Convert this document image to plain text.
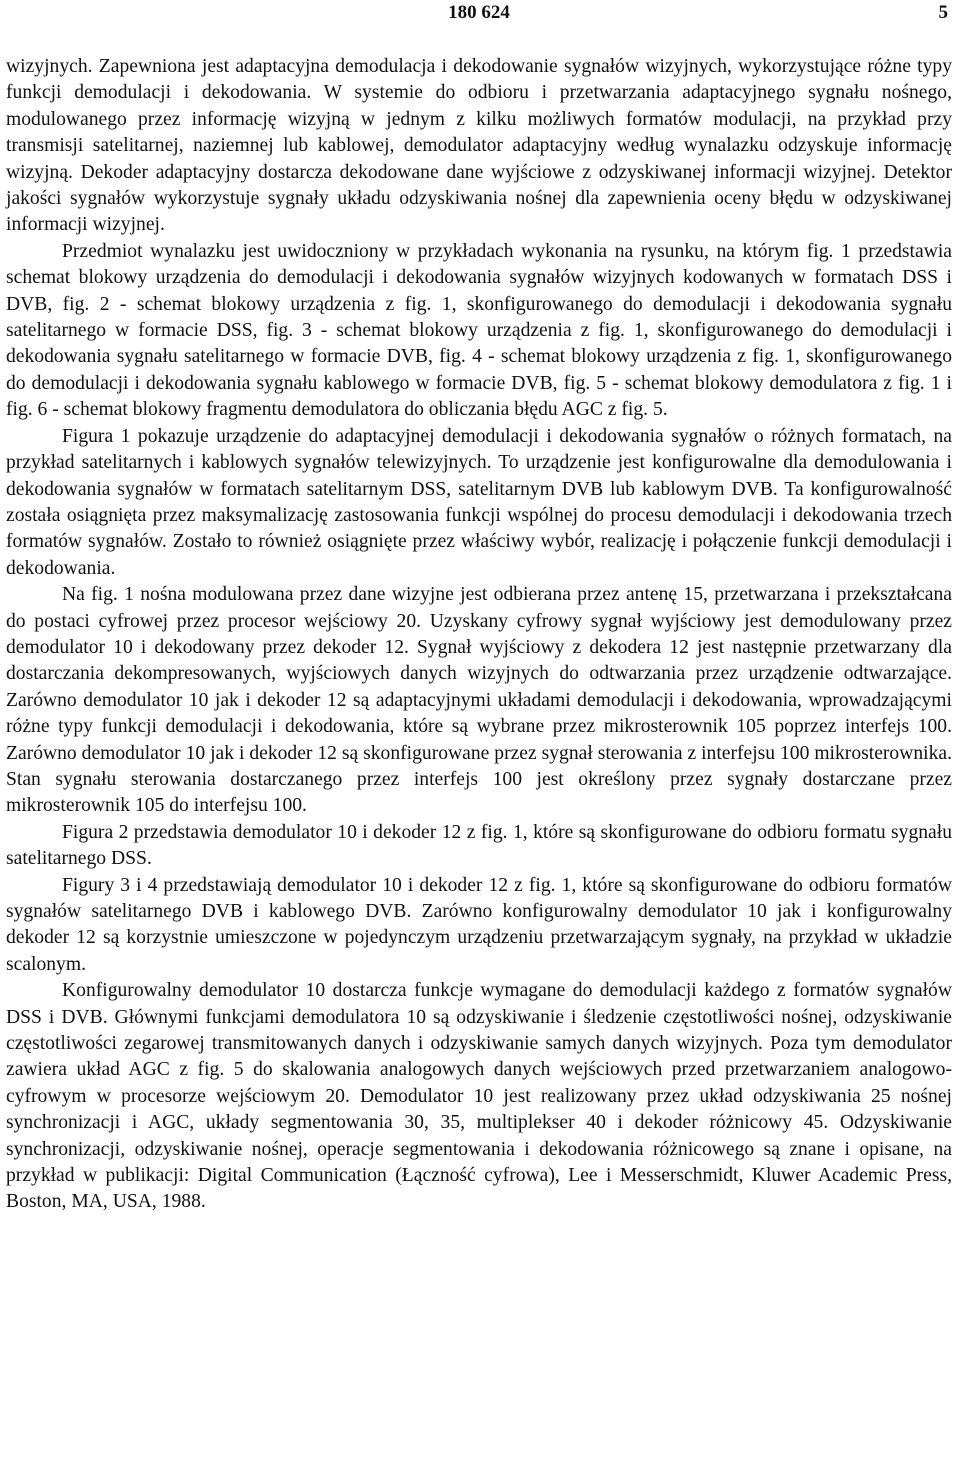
180 624	5

wizyjnych. Zapewniona jest adaptacyjna demodulacja i dekodowanie sygnałów wizyjnych, wykorzystujące różne typy funkcji demodulacji i dekodowania. W systemie do odbioru i przetwarzania adaptacyjnego sygnału nośnego, modulowanego przez informację wizyjną w jednym z kilku możliwych formatów modulacji, na przykład przy transmisji satelitarnej, naziemnej lub kablowej, demodulator adaptacyjny według wynalazku odzyskuje informację wizyjną. Dekoder adaptacyjny dostarcza dekodowane dane wyjściowe z odzyskiwanej informacji wizyjnej. Detektor jakości sygnałów wykorzystuje sygnały układu odzyskiwania nośnej dla zapewnienia oceny błędu w odzyskiwanej informacji wizyjnej.

Przedmiot wynalazku jest uwidoczniony w przykładach wykonania na rysunku, na którym fig. 1 przedstawia schemat blokowy urządzenia do demodulacji i dekodowania sygnałów wizyjnych kodowanych w formatach DSS i DVB, fig. 2 - schemat blokowy urządzenia z fig. 1, skonfigurowanego do demodulacji i dekodowania sygnału satelitarnego w formacie DSS, fig. 3 - schemat blokowy urządzenia z fig. 1, skonfigurowanego do demodulacji i dekodowania sygnału satelitarnego w formacie DVB, fig. 4 - schemat blokowy urządzenia z fig. 1, skonfigurowanego do demodulacji i dekodowania sygnału kablowego w formacie DVB, fig. 5 - schemat blokowy demodulatora z fig. 1 i fig. 6 - schemat blokowy fragmentu demodulatora do obliczania błędu AGC z fig. 5.

Figura 1 pokazuje urządzenie do adaptacyjnej demodulacji i dekodowania sygnałów o różnych formatach, na przykład satelitarnych i kablowych sygnałów telewizyjnych. To urządzenie jest konfigurowalne dla demodulowania i dekodowania sygnałów w formatach satelitarnym DSS, satelitarnym DVB lub kablowym DVB. Ta konfigurowalność została osiągnięta przez maksymalizację zastosowania funkcji wspólnej do procesu demodulacji i dekodowania trzech formatów sygnałów. Zostało to również osiągnięte przez właściwy wybór, realizację i połączenie funkcji demodulacji i dekodowania.

Na fig. 1 nośna modulowana przez dane wizyjne jest odbierana przez antenę 15, przetwarzana i przekształcana do postaci cyfrowej przez procesor wejściowy 20. Uzyskany cyfrowy sygnał wyjściowy jest demodulowany przez demodulator 10 i dekodowany przez dekoder 12. Sygnał wyjściowy z dekodera 12 jest następnie przetwarzany dla dostarczania dekompresowanych, wyjściowych danych wizyjnych do odtwarzania przez urządzenie odtwarzające. Zarówno demodulator 10 jak i dekoder 12 są adaptacyjnymi układami demodulacji i dekodowania, wprowadzającymi różne typy funkcji demodulacji i dekodowania, które są wybrane przez mikrosterownik 105 poprzez interfejs 100. Zarówno demodulator 10 jak i dekoder 12 są skonfigurowane przez sygnał sterowania z interfejsu 100 mikrosterownika. Stan sygnału sterowania dostarczanego przez interfejs 100 jest określony przez sygnały dostarczane przez mikrosterownik 105 do interfejsu 100.

Figura 2 przedstawia demodulator 10 i dekoder 12 z fig. 1, które są skonfigurowane do odbioru formatu sygnału satelitarnego DSS.

Figury 3 i 4 przedstawiają demodulator 10 i dekoder 12 z fig. 1, które są skonfigurowane do odbioru formatów sygnałów satelitarnego DVB i kablowego DVB. Zarówno konfigurowalny demodulator 10 jak i konfigurowalny dekoder 12 są korzystnie umieszczone w pojedynczym urządzeniu przetwarzającym sygnały, na przykład w układzie scalonym.

Konfigurowalny demodulator 10 dostarcza funkcje wymagane do demodulacji każdego z formatów sygnałów DSS i DVB. Głównymi funkcjami demodulatora 10 są odzyskiwanie i śledzenie częstotliwości nośnej, odzyskiwanie częstotliwości zegarowej transmitowanych danych i odzyskiwanie samych danych wizyjnych. Poza tym demodulator zawiera układ AGC z fig. 5 do skalowania analogowych danych wejściowych przed przetwarzaniem analogowo-cyfrowym w procesorze wejściowym 20. Demodulator 10 jest realizowany przez układ odzyskiwania 25 nośnej synchronizacji i AGC, układy segmentowania 30, 35, multiplekser 40 i dekoder różnicowy 45. Odzyskiwanie synchronizacji, odzyskiwanie nośnej, operacje segmentowania i dekodowania różnicowego są znane i opisane, na przykład w publikacji: Digital Communication (Łączność cyfrowa), Lee i Messerschmidt, Kluwer Academic Press, Boston, MA, USA, 1988.
